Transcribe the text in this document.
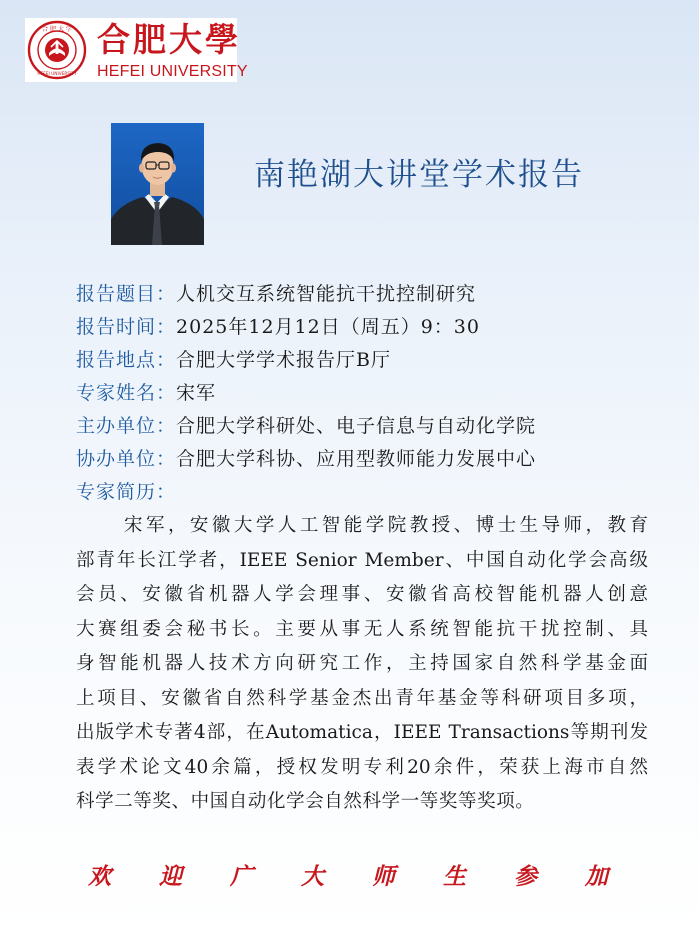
合 肥 大 学
HEFEI UNIVERSITY
合肥大學
HEFEI UNIVERSITY
南艳湖大讲堂学术报告
报告题目：人机交互系统智能抗干扰控制研究
报告时间：2025年12月12日（周五）9：30
报告地点：合肥大学学术报告厅B厅
专家姓名：宋军
主办单位：合肥大学科研处、电子信息与自动化学院
协办单位：合肥大学科协、应用型教师能力发展中心
专家简历：
宋军，安徽大学人工智能学院教授、博士生导师，教育
部青年长江学者，IEEE Senior Member、中国自动化学会高级
会员、安徽省机器人学会理事、安徽省高校智能机器人创意
大赛组委会秘书长。主要从事无人系统智能抗干扰控制、具
身智能机器人技术方向研究工作，主持国家自然科学基金面
上项目、安徽省自然科学基金杰出青年基金等科研项目多项，
出版学术专著4部，在Automatica，IEEE Transactions等期刊发
表学术论文40余篇，授权发明专利20余件，荣获上海市自然
科学二等奖、中国自动化学会自然科学一等奖等奖项。
欢 迎 广 大 师 生 参 加
